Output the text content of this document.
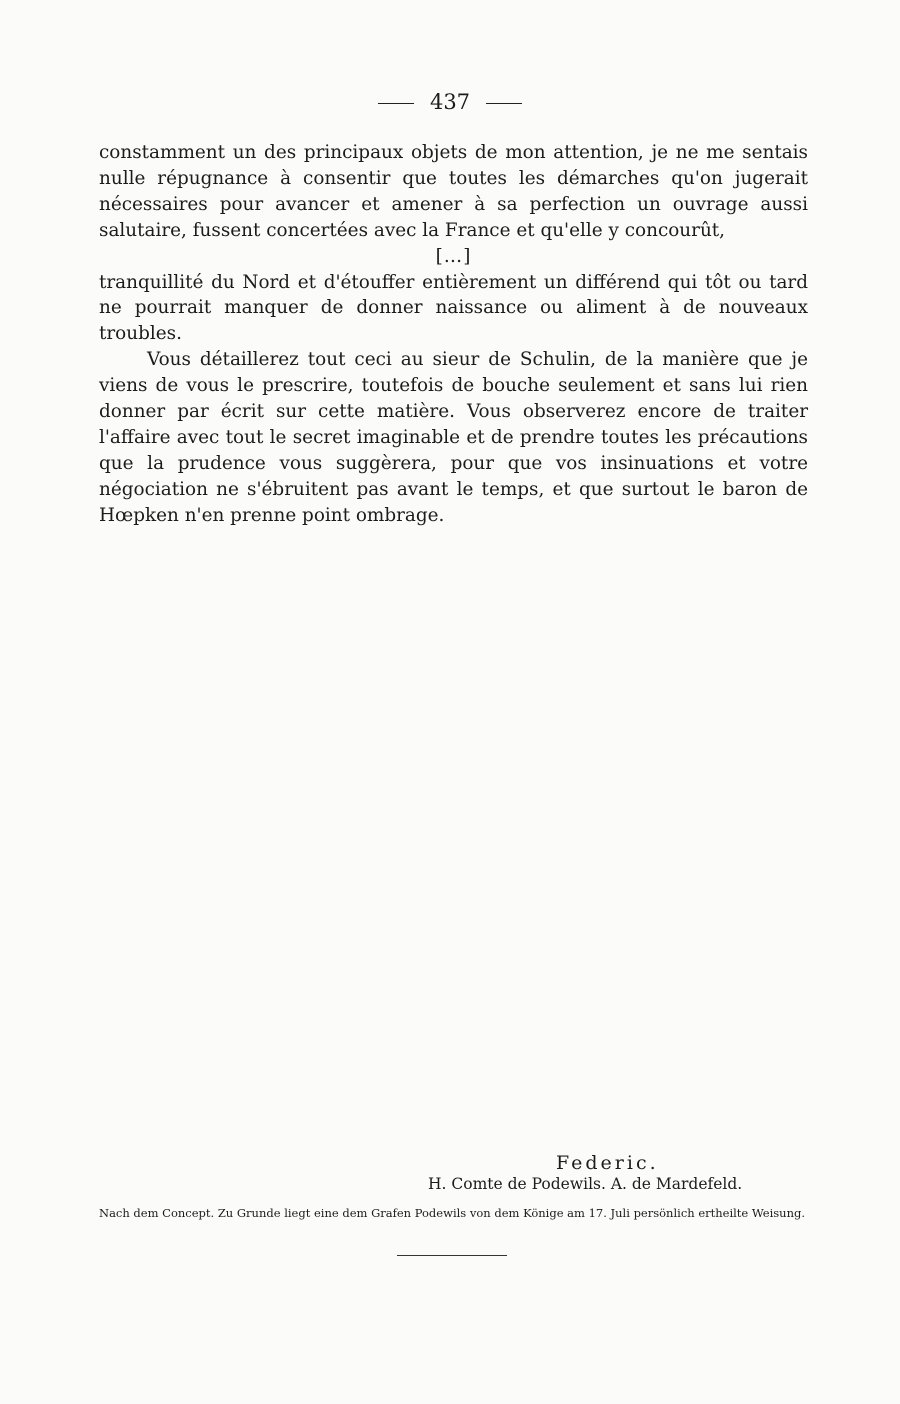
437

constamment un des principaux objets de mon attention, je ne me sentais nulle répugnance à consentir que toutes les démarches qu'on jugerait nécessaires pour avancer et amener à sa perfection un ouvrage aussi salutaire, fussent concertées avec la France et qu'elle y concourût,

[…]

tranquillité du Nord et d'étouffer entièrement un différend qui tôt ou tard ne pourrait manquer de donner naissance ou aliment à de nouveaux troubles.

Vous détaillerez tout ceci au sieur de Schulin, de la manière que je viens de vous le prescrire, toutefois de bouche seulement et sans lui rien donner par écrit sur cette matière. Vous observerez encore de traiter l'affaire avec tout le secret imaginable et de prendre toutes les précautions que la prudence vous suggèrera, pour que vos insinuations et votre négociation ne s'ébruitent pas avant le temps, et que surtout le baron de Hœpken n'en prenne point ombrage.

Federic.
H. Comte de Podewils. A. de Mardefeld.
Nach dem Concept. Zu Grunde liegt eine dem Grafen Podewils von dem Könige am 17. Juli persönlich ertheilte Weisung.
